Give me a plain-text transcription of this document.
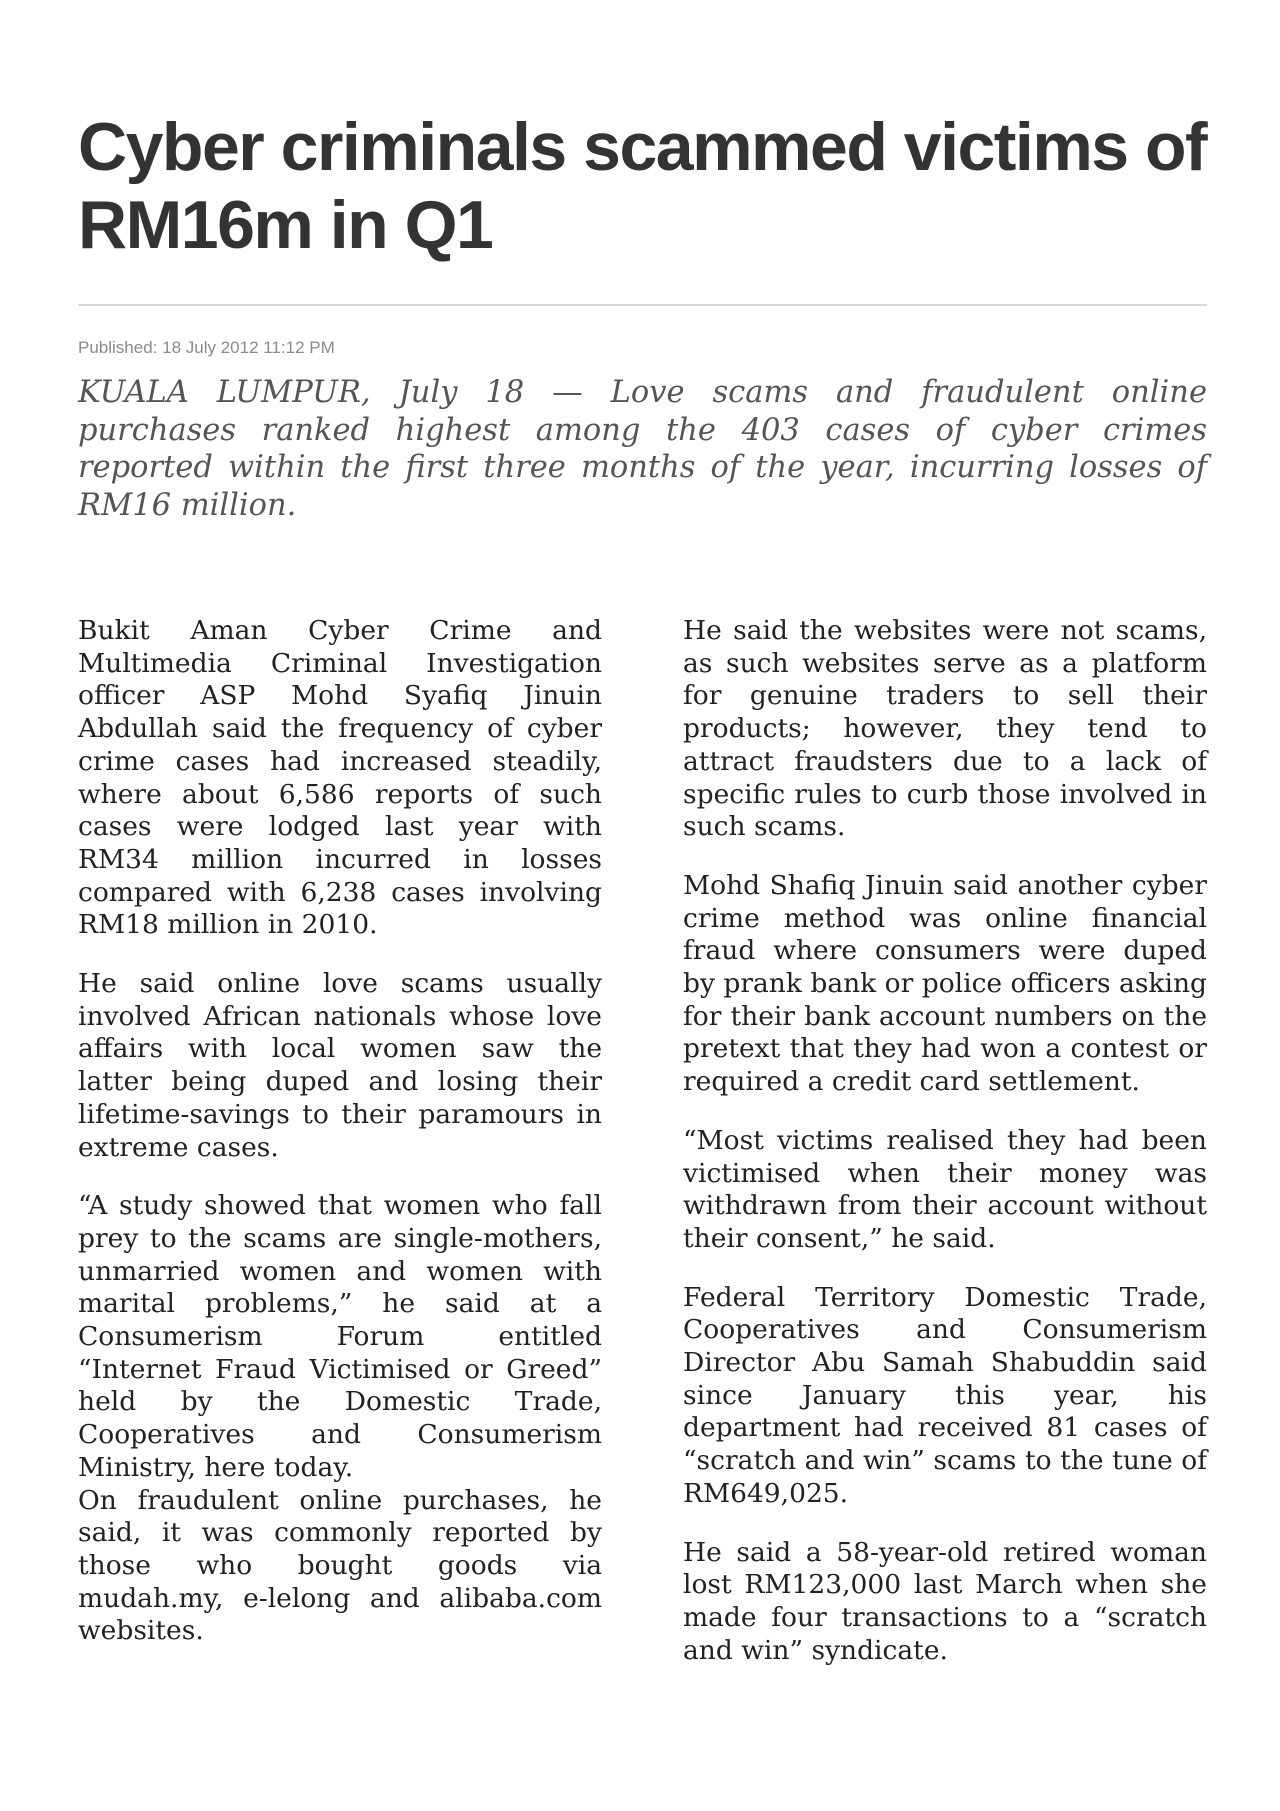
Cyber criminals scammed victims of RM16m in Q1
Published: 18 July 2012 11:12 PM

KUALA LUMPUR, July 18 — Love scams and fraudulent online purchases ranked highest among the 403 cases of cyber crimes reported within the first three months of the year, incurring losses of RM16 million.

Bukit Aman Cyber Crime and Multimedia Criminal Investigation officer ASP Mohd Syafiq Jinuin Abdullah said the frequency of cyber crime cases had increased steadily, where about 6,586 reports of such cases were lodged last year with RM34 million incurred in losses compared with 6,238 cases involving RM18 million in 2010.

He said online love scams usually involved African nationals whose love affairs with local women saw the latter being duped and losing their lifetime-savings to their paramours in extreme cases.

“A study showed that women who fall prey to the scams are single-mothers, unmarried women and women with marital problems,” he said at a Consumerism Forum entitled “Internet Fraud Victimised or Greed” held by the Domestic Trade, Cooperatives and Consumerism Ministry, here today.

On fraudulent online purchases, he said, it was commonly reported by those who bought goods via mudah.my, e-lelong and alibaba.com websites.

He said the websites were not scams, as such websites serve as a platform for genuine traders to sell their products; however, they tend to attract fraudsters due to a lack of specific rules to curb those involved in such scams.

Mohd Shafiq Jinuin said another cyber crime method was online financial fraud where consumers were duped by prank bank or police officers asking for their bank account numbers on the pretext that they had won a contest or required a credit card settlement.

“Most victims realised they had been victimised when their money was withdrawn from their account without their consent,” he said.

Federal Territory Domestic Trade, Cooperatives and Consumerism Director Abu Samah Shabuddin said since January this year, his department had received 81 cases of “scratch and win” scams to the tune of RM649,025.

He said a 58-year-old retired woman lost RM123,000 last March when she made four transactions to a “scratch and win” syndicate.
